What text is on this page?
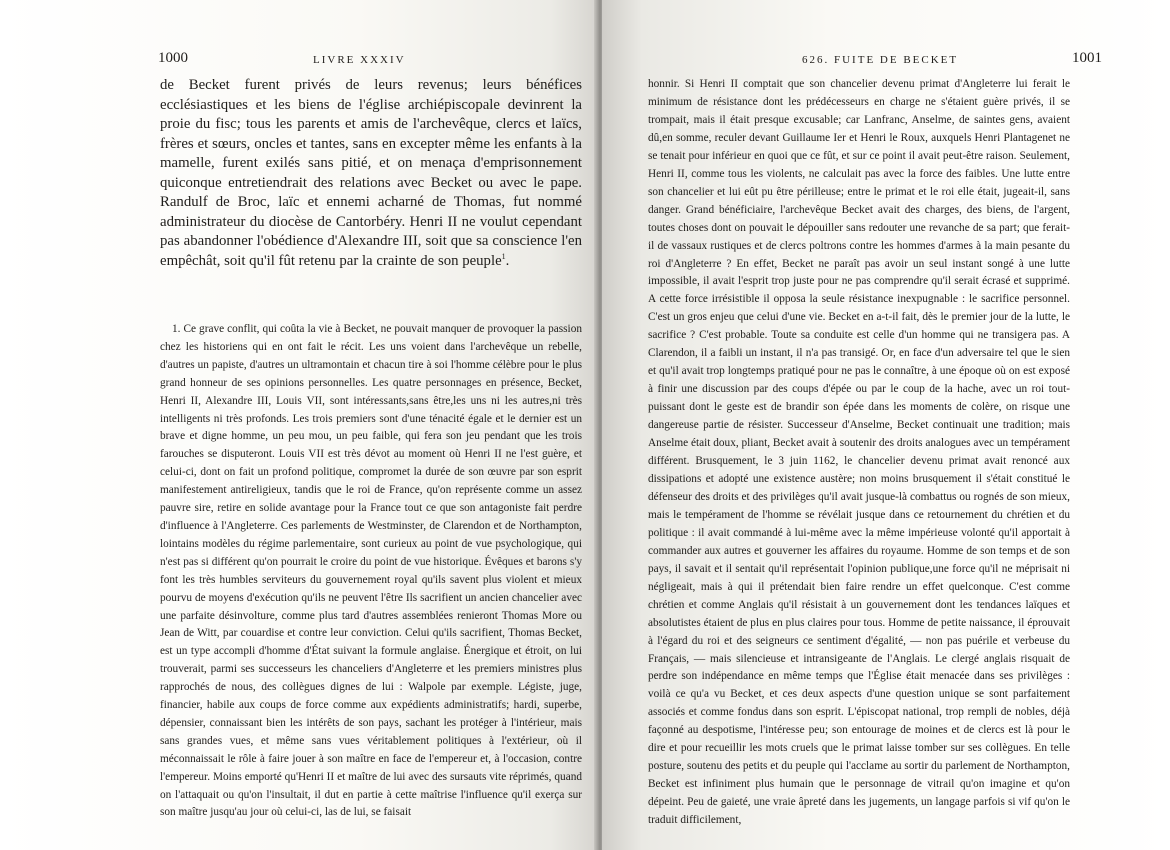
1000	LIVRE XXXIV

de Becket furent privés de leurs revenus; leurs bénéfices ecclésiastiques et les biens de l'église archiépiscopale devinrent la proie du fisc; tous les parents et amis de l'archevêque, clercs et laïcs, frères et sœurs, oncles et tantes, sans en excepter même les enfants à la mamelle, furent exilés sans pitié, et on menaça d'emprisonnement quiconque entretiendrait des relations avec Becket ou avec le pape. Randulf de Broc, laïc et ennemi acharné de Thomas, fut nommé administrateur du diocèse de Cantorbéry. Henri II ne voulut cependant pas abandonner l'obédience d'Alexandre III, soit que sa conscience l'en empêchât, soit qu'il fût retenu par la crainte de son peuple$^1$.

1. Ce grave conflit, qui coûta la vie à Becket, ne pouvait manquer de provoquer la passion chez les historiens qui en ont fait le récit. Les uns voient dans l'archevêque un rebelle, d'autres un papiste, d'autres un ultramontain et chacun tire à soi l'homme célèbre pour le plus grand honneur de ses opinions personnelles. Les quatre personnages en présence, Becket, Henri II, Alexandre III, Louis VII, sont intéressants,sans être,les uns ni les autres,ni très intelligents ni très profonds. Les trois premiers sont d'une ténacité égale et le dernier est un brave et digne homme, un peu mou, un peu faible, qui fera son jeu pendant que les trois farouches se disputeront. Louis VII est très dévot au moment où Henri II ne l'est guère, et celui-ci, dont on fait un profond politique, compromet la durée de son œuvre par son esprit manifestement antireligieux, tandis que le roi de France, qu'on représente comme un assez pauvre sire, retire en solide avantage pour la France tout ce que son antagoniste fait perdre d'influence à l'Angleterre. Ces parlements de Westminster, de Clarendon et de Northampton, lointains modèles du régime parlementaire, sont curieux au point de vue psychologique, qui n'est pas si différent qu'on pourrait le croire du point de vue historique. Évêques et barons s'y font les très humbles serviteurs du gouvernement royal qu'ils savent plus violent et mieux pourvu de moyens d'exécution qu'ils ne peuvent l'être Ils sacrifient un ancien chancelier avec une parfaite désinvolture, comme plus tard d'autres assemblées renieront Thomas More ou Jean de Witt, par couardise et contre leur conviction. Celui qu'ils sacrifient, Thomas Becket, est un type accompli d'homme d'État suivant la formule anglaise. Énergique et étroit, on lui trouverait, parmi ses successeurs les chanceliers d'Angleterre et les premiers ministres plus rapprochés de nous, des collègues dignes de lui : Walpole par exemple. Légiste, juge, financier, habile aux coups de force comme aux expédients administratifs; hardi, superbe, dépensier, connaissant bien les intérêts de son pays, sachant les protéger à l'intérieur, mais sans grandes vues, et même sans vues véritablement politiques à l'extérieur, où il méconnaissait le rôle à faire jouer à son maître en face de l'empereur et, à l'occasion, contre l'empereur. Moins emporté qu'Henri II et maître de lui avec des sursauts vite réprimés, quand on l'attaquait ou qu'on l'insultait, il dut en partie à cette maîtrise l'influence qu'il exerça sur son maître jusqu'au jour où celui-ci, las de lui, se faisait

626. FUITE DE BECKET	1001

honnir. Si Henri II comptait que son chancelier devenu primat d'Angleterre lui ferait le minimum de résistance dont les prédécesseurs en charge ne s'étaient guère privés, il se trompait, mais il était presque excusable; car Lanfranc, Anselme, de saintes gens, avaient dû,en somme, reculer devant Guillaume Ier et Henri le Roux, auxquels Henri Plantagenet ne se tenait pour inférieur en quoi que ce fût, et sur ce point il avait peut-être raison. Seulement, Henri II, comme tous les violents, ne calculait pas avec la force des faibles. Une lutte entre son chancelier et lui eût pu être périlleuse; entre le primat et le roi elle était, jugeait-il, sans danger. Grand bénéficiaire, l'archevêque Becket avait des charges, des biens, de l'argent, toutes choses dont on pouvait le dépouiller sans redouter une revanche de sa part; que ferait-il de vassaux rustiques et de clercs poltrons contre les hommes d'armes à la main pesante du roi d'Angleterre ? En effet, Becket ne paraît pas avoir un seul instant songé à une lutte impossible, il avait l'esprit trop juste pour ne pas comprendre qu'il serait écrasé et supprimé. A cette force irrésistible il opposa la seule résistance inexpugnable : le sacrifice personnel. C'est un gros enjeu que celui d'une vie. Becket en a-t-il fait, dès le premier jour de la lutte, le sacrifice ? C'est probable. Toute sa conduite est celle d'un homme qui ne transigera pas. A Clarendon, il a faibli un instant, il n'a pas transigé. Or, en face d'un adversaire tel que le sien et qu'il avait trop longtemps pratiqué pour ne pas le connaître, à une époque où on est exposé à finir une discussion par des coups d'épée ou par le coup de la hache, avec un roi tout-puissant dont le geste est de brandir son épée dans les moments de colère, on risque une dangereuse partie de résister. Successeur d'Anselme, Becket continuait une tradition; mais Anselme était doux, pliant, Becket avait à soutenir des droits analogues avec un tempérament différent. Brusquement, le 3 juin 1162, le chancelier devenu primat avait renoncé aux dissipations et adopté une existence austère; non moins brusquement il s'était constitué le défenseur des droits et des privilèges qu'il avait jusque-là combattus ou rognés de son mieux, mais le tempérament de l'homme se révélait jusque dans ce retournement du chrétien et du politique : il avait commandé à lui-même avec la même impérieuse volonté qu'il apportait à commander aux autres et gouverner les affaires du royaume. Homme de son temps et de son pays, il savait et il sentait qu'il représentait l'opinion publique,une force qu'il ne méprisait ni négligeait, mais à qui il prétendait bien faire rendre un effet quelconque. C'est comme chrétien et comme Anglais qu'il résistait à un gouvernement dont les tendances laïques et absolutistes étaient de plus en plus claires pour tous. Homme de petite naissance, il éprouvait à l'égard du roi et des seigneurs ce sentiment d'égalité, — non pas puérile et verbeuse du Français, — mais silencieuse et intransigeante de l'Anglais. Le clergé anglais risquait de perdre son indépendance en même temps que l'Église était menacée dans ses privilèges : voilà ce qu'a vu Becket, et ces deux aspects d'une question unique se sont parfaitement associés et comme fondus dans son esprit. L'épiscopat national, trop rempli de nobles, déjà façonné au despotisme, l'intéresse peu; son entourage de moines et de clercs est là pour le dire et pour recueillir les mots cruels que le primat laisse tomber sur ses collègues. En telle posture, soutenu des petits et du peuple qui l'acclame au sortir du parlement de Northampton, Becket est infiniment plus humain que le personnage de vitrail qu'on imagine et qu'on dépeint. Peu de gaieté, une vraie âpreté dans les jugements, un langage parfois si vif qu'on le traduit difficilement,
